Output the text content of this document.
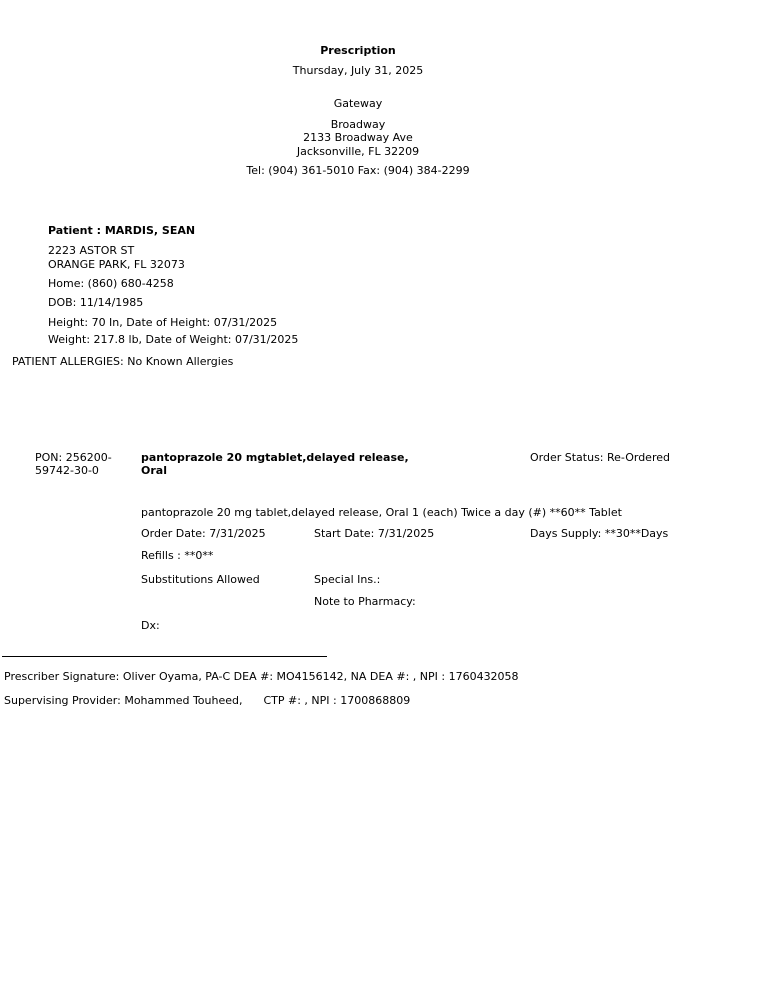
Prescription
Thursday, July 31, 2025
Gateway
Broadway
2133 Broadway Ave
Jacksonville, FL 32209
Tel: (904) 361-5010 Fax: (904) 384-2299
Patient : MARDIS, SEAN
2223 ASTOR ST
ORANGE PARK, FL 32073
Home: (860) 680-4258
DOB: 11/14/1985
Height: 70 In, Date of Height: 07/31/2025
Weight: 217.8 lb, Date of Weight: 07/31/2025
PATIENT ALLERGIES: No Known Allergies
PON: 256200-
59742-30-0
pantoprazole 20 mgtablet,delayed release,
Oral
Order Status: Re-Ordered
pantoprazole 20 mg tablet,delayed release, Oral 1 (each) Twice a day (#) **60** Tablet
Order Date: 7/31/2025	Start Date: 7/31/2025	Days Supply: **30**Days
Refills : **0**
Substitutions Allowed	Special Ins.:
Note to Pharmacy:
Dx:
Prescriber Signature: Oliver Oyama, PA-C DEA #: MO4156142, NA DEA #: , NPI : 1760432058
Supervising Provider: Mohammed Touheed,      CTP #: , NPI : 1700868809
